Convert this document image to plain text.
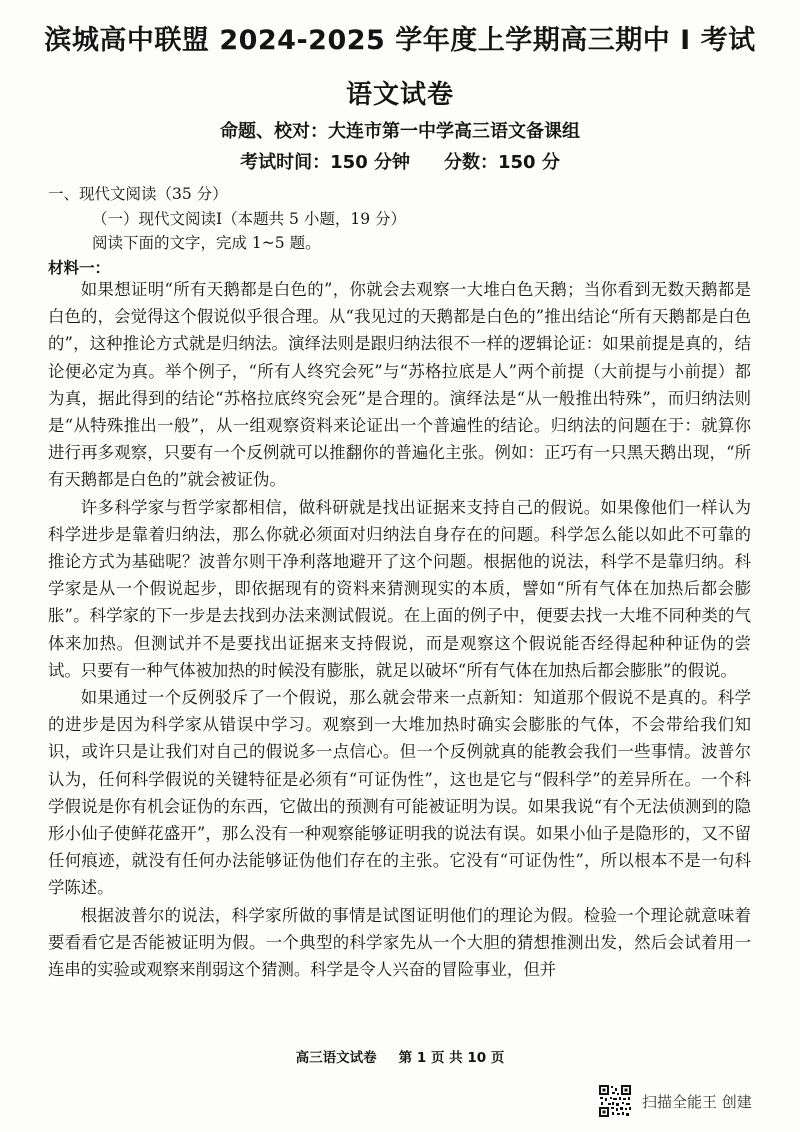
滨城高中联盟 2024-2025 学年度上学期高三期中 I 考试
语文试卷
命题、校对：大连市第一中学高三语文备课组
考试时间：150 分钟 分数：150 分
一、现代文阅读（35 分）
（一）现代文阅读I（本题共 5 小题，19 分）
阅读下面的文字，完成 1~5 题。
材料一：

如果想证明“所有天鹅都是白色的”，你就会去观察一大堆白色天鹅；当你看到无数天鹅都是白色的，会觉得这个假说似乎很合理。从“我见过的天鹅都是白色的”推出结论“所有天鹅都是白色的”，这种推论方式就是归纳法。演绎法则是跟归纳法很不一样的逻辑论证：如果前提是真的，结论便必定为真。举个例子，“所有人终究会死”与“苏格拉底是人”两个前提（大前提与小前提）都为真，据此得到的结论“苏格拉底终究会死”是合理的。演绎法是“从一般推出特殊”，而归纳法则是“从特殊推出一般”，从一组观察资料来论证出一个普遍性的结论。归纳法的问题在于：就算你进行再多观察，只要有一个反例就可以推翻你的普遍化主张。例如：正巧有一只黑天鹅出现，“所有天鹅都是白色的”就会被证伪。

许多科学家与哲学家都相信，做科研就是找出证据来支持自己的假说。如果像他们一样认为科学进步是靠着归纳法，那么你就必须面对归纳法自身存在的问题。科学怎么能以如此不可靠的推论方式为基础呢？波普尔则干净利落地避开了这个问题。根据他的说法，科学不是靠归纳。科学家是从一个假说起步，即依据现有的资料来猜测现实的本质，譬如“所有气体在加热后都会膨胀”。科学家的下一步是去找到办法来测试假说。在上面的例子中，便要去找一大堆不同种类的气体来加热。但测试并不是要找出证据来支持假说，而是观察这个假说能否经得起种种证伪的尝试。只要有一种气体被加热的时候没有膨胀，就足以破坏“所有气体在加热后都会膨胀”的假说。

如果通过一个反例驳斥了一个假说，那么就会带来一点新知：知道那个假说不是真的。科学的进步是因为科学家从错误中学习。观察到一大堆加热时确实会膨胀的气体，不会带给我们知识，或许只是让我们对自己的假说多一点信心。但一个反例就真的能教会我们一些事情。波普尔认为，任何科学假说的关键特征是必须有“可证伪性”，这也是它与“假科学”的差异所在。一个科学假说是你有机会证伪的东西，它做出的预测有可能被证明为误。如果我说“有个无法侦测到的隐形小仙子使鲜花盛开”，那么没有一种观察能够证明我的说法有误。如果小仙子是隐形的，又不留任何痕迹，就没有任何办法能够证伪他们存在的主张。它没有“可证伪性”，所以根本不是一句科学陈述。

根据波普尔的说法，科学家所做的事情是试图证明他们的理论为假。检验一个理论就意味着要看看它是否能被证明为假。一个典型的科学家先从一个大胆的猜想推测出发，然后会试着用一连串的实验或观察来削弱这个猜测。科学是令人兴奋的冒险事业，但并

高三语文试卷 第 1 页 共 10 页
扫描全能王 创建
